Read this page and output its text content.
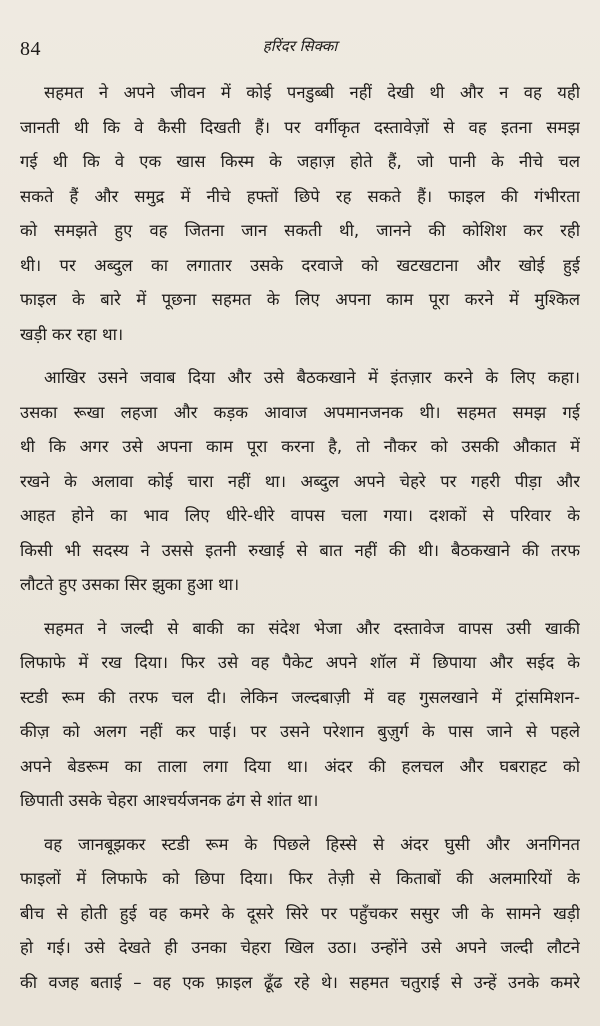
84	हरिंदर सिक्का
सहमत ने अपने जीवन में कोई पनडुब्बी नहीं देखी थी और न वह यही
जानती थी कि वे कैसी दिखती हैं। पर वर्गीकृत दस्तावेज़ों से वह इतना समझ
गई थी कि वे एक खास किस्म के जहाज़ होते हैं, जो पानी के नीचे चल
सकते हैं और समुद्र में नीचे हफ्तों छिपे रह सकते हैं। फाइल की गंभीरता
को समझते हुए वह जितना जान सकती थी, जानने की कोशिश कर रही
थी। पर अब्दुल का लगातार उसके दरवाजे को खटखटाना और खोई हुई
फाइल के बारे में पूछना सहमत के लिए अपना काम पूरा करने में मुश्किल
खड़ी कर रहा था।
आखिर उसने जवाब दिया और उसे बैठकखाने में इंतज़ार करने के लिए कहा।
उसका रूखा लहजा और कड़क आवाज अपमानजनक थी। सहमत समझ गई
थी कि अगर उसे अपना काम पूरा करना है, तो नौकर को उसकी औकात में
रखने के अलावा कोई चारा नहीं था। अब्दुल अपने चेहरे पर गहरी पीड़ा और
आहत होने का भाव लिए धीरे-धीरे वापस चला गया। दशकों से परिवार के
किसी भी सदस्य ने उससे इतनी रुखाई से बात नहीं की थी। बैठकखाने की तरफ
लौटते हुए उसका सिर झुका हुआ था।
सहमत ने जल्दी से बाकी का संदेश भेजा और दस्तावेज वापस उसी खाकी
लिफाफे में रख दिया। फिर उसे वह पैकेट अपने शॉल में छिपाया और सईद के
स्टडी रूम की तरफ चल दी। लेकिन जल्दबाज़ी में वह गुसलखाने में ट्रांसमिशन-
कीज़ को अलग नहीं कर पाई। पर उसने परेशान बुज़ुर्ग के पास जाने से पहले
अपने बेडरूम का ताला लगा दिया था। अंदर की हलचल और घबराहट को
छिपाती उसके चेहरा आश्चर्यजनक ढंग से शांत था।
वह जानबूझकर स्टडी रूम के पिछले हिस्से से अंदर घुसी और अनगिनत
फाइलों में लिफाफे को छिपा दिया। फिर तेज़ी से किताबों की अलमारियों के
बीच से होती हुई वह कमरे के दूसरे सिरे पर पहुँचकर ससुर जी के सामने खड़ी
हो गई। उसे देखते ही उनका चेहरा खिल उठा। उन्होंने उसे अपने जल्दी लौटने
की वजह बताई – वह एक फ़ाइल ढूँढ रहे थे। सहमत चतुराई से उन्हें उनके कमरे
